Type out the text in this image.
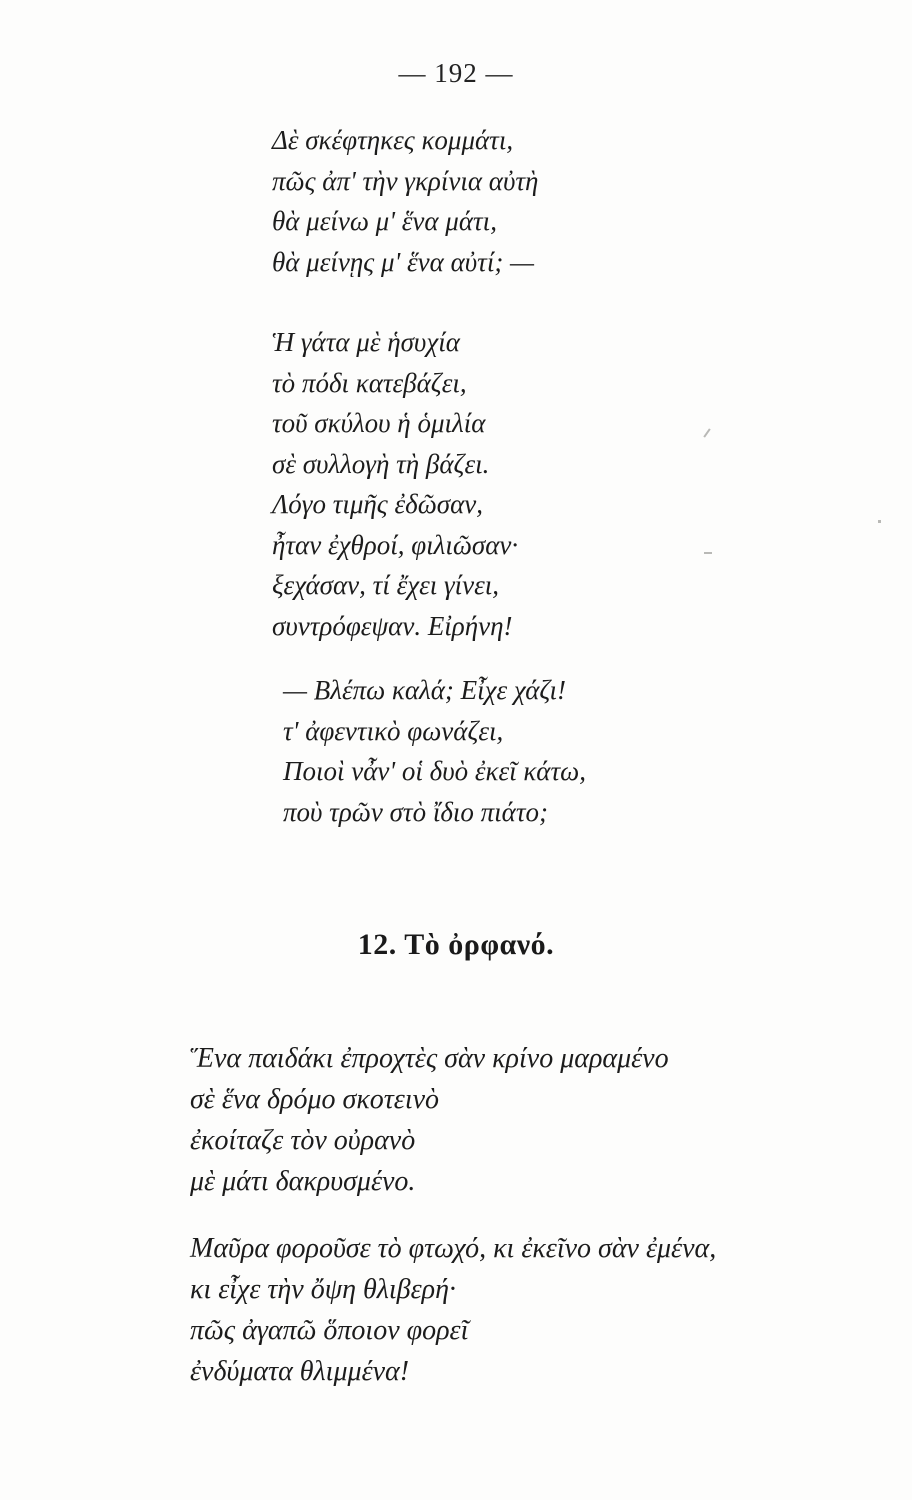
— 192 —
Δὲ σκέφτηκες κομμάτι,
πῶς ἀπ' τὴν γκρίνια αὐτὴ
θὰ μείνω μ' ἕνα μάτι,
θὰ μείνῃς μ' ἕνα αὐτί; —
Ἡ γάτα μὲ ἡσυχία
τὸ πόδι κατεβάζει,
τοῦ σκύλου ἡ ὁμιλία
σὲ συλλογὴ τὴ βάζει.
Λόγο τιμῆς ἐδῶσαν,
ἦταν ἐχθροί, φιλιῶσαν·
ξεχάσαν, τί ἔχει γίνει,
συντρόφεψαν. Εἰρήνη!
— Βλέπω καλά; Εἶχε χάζι!
τ' ἀφεντικὸ φωνάζει,
Ποιοὶ νἆν' οἱ δυὸ ἐκεῖ κάτω,
ποὺ τρῶν στὸ ἴδιο πιάτο;
12. Τὸ ὀρφανό.
Ἕνα παιδάκι ἐπροχτὲς σὰν κρίνο μαραμένο
σὲ ἕνα δρόμο σκοτεινὸ
ἐκοίταζε τὸν οὐρανὸ
μὲ μάτι δακρυσμένο.
Μαῦρα φοροῦσε τὸ φτωχό, κι ἐκεῖνο σὰν ἐμένα,
κι εἶχε τὴν ὄψη θλιβερή·
πῶς ἀγαπῶ ὅποιον φορεῖ
ἐνδύματα θλιμμένα!
